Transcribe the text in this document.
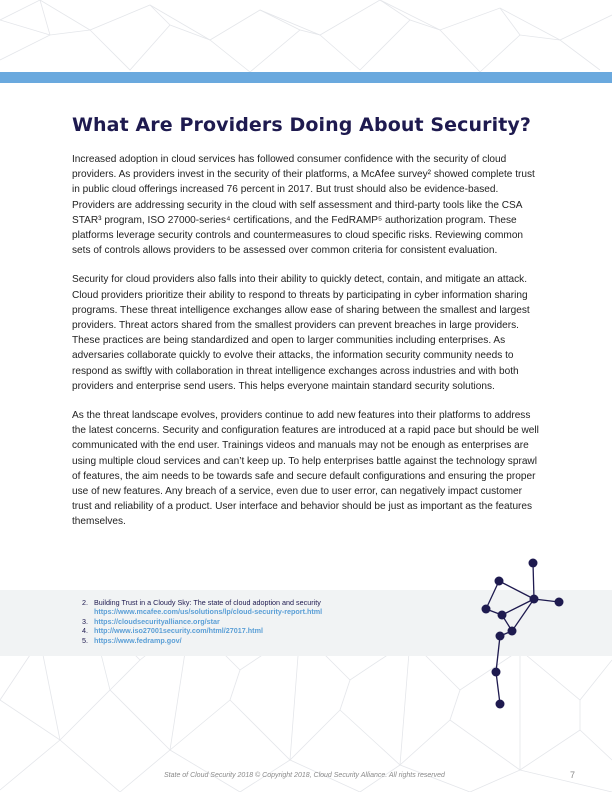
What Are Providers Doing About Security?

Increased adoption in cloud services has followed consumer confidence with the security of cloud providers. As providers invest in the security of their platforms, a McAfee survey² showed complete trust in public cloud offerings increased 76 percent in 2017. But trust should also be evidence-based. Providers are addressing security in the cloud with self assessment and third-party tools like the CSA STAR³ program, ISO 27000-series⁴ certifications, and the FedRAMP⁵ authorization program. These platforms leverage security controls and countermeasures to cloud specific risks. Reviewing common sets of controls allows providers to be assessed over common criteria for consistent evaluation.

Security for cloud providers also falls into their ability to quickly detect, contain, and mitigate an attack. Cloud providers prioritize their ability to respond to threats by participating in cyber information sharing programs. These threat intelligence exchanges allow ease of sharing between the smallest and largest providers. Threat actors shared from the smallest providers can prevent breaches in large providers. These practices are being standardized and open to larger communities including enterprises. As adversaries collaborate quickly to evolve their attacks, the information security community needs to respond as swiftly with collaboration in threat intelligence exchanges across industries and with both providers and enterprise send users. This helps everyone maintain standard security solutions.

As the threat landscape evolves, providers continue to add new features into their platforms to address the latest concerns. Security and configuration features are introduced at a rapid pace but should be well communicated with the end user. Trainings videos and manuals may not be enough as enterprises are using multiple cloud services and can’t keep up. To help enterprises battle against the technology sprawl of features, the aim needs to be towards safe and secure default configurations and ensuring the proper use of new features. Any breach of a service, even due to user error, can negatively impact customer trust and reliability of a product. User interface and behavior should be just as important as the features themselves.

2. Building Trust in a Cloudy Sky: The state of cloud adoption and security
https://www.mcafee.com/us/solutions/lp/cloud-security-report.html
3. https://cloudsecurityalliance.org/star
4. http://www.iso27001security.com/html/27017.html
5. https://www.fedramp.gov/
State of Cloud Security 2018 © Copyright 2018, Cloud Security Alliance. All rights reserved	7
